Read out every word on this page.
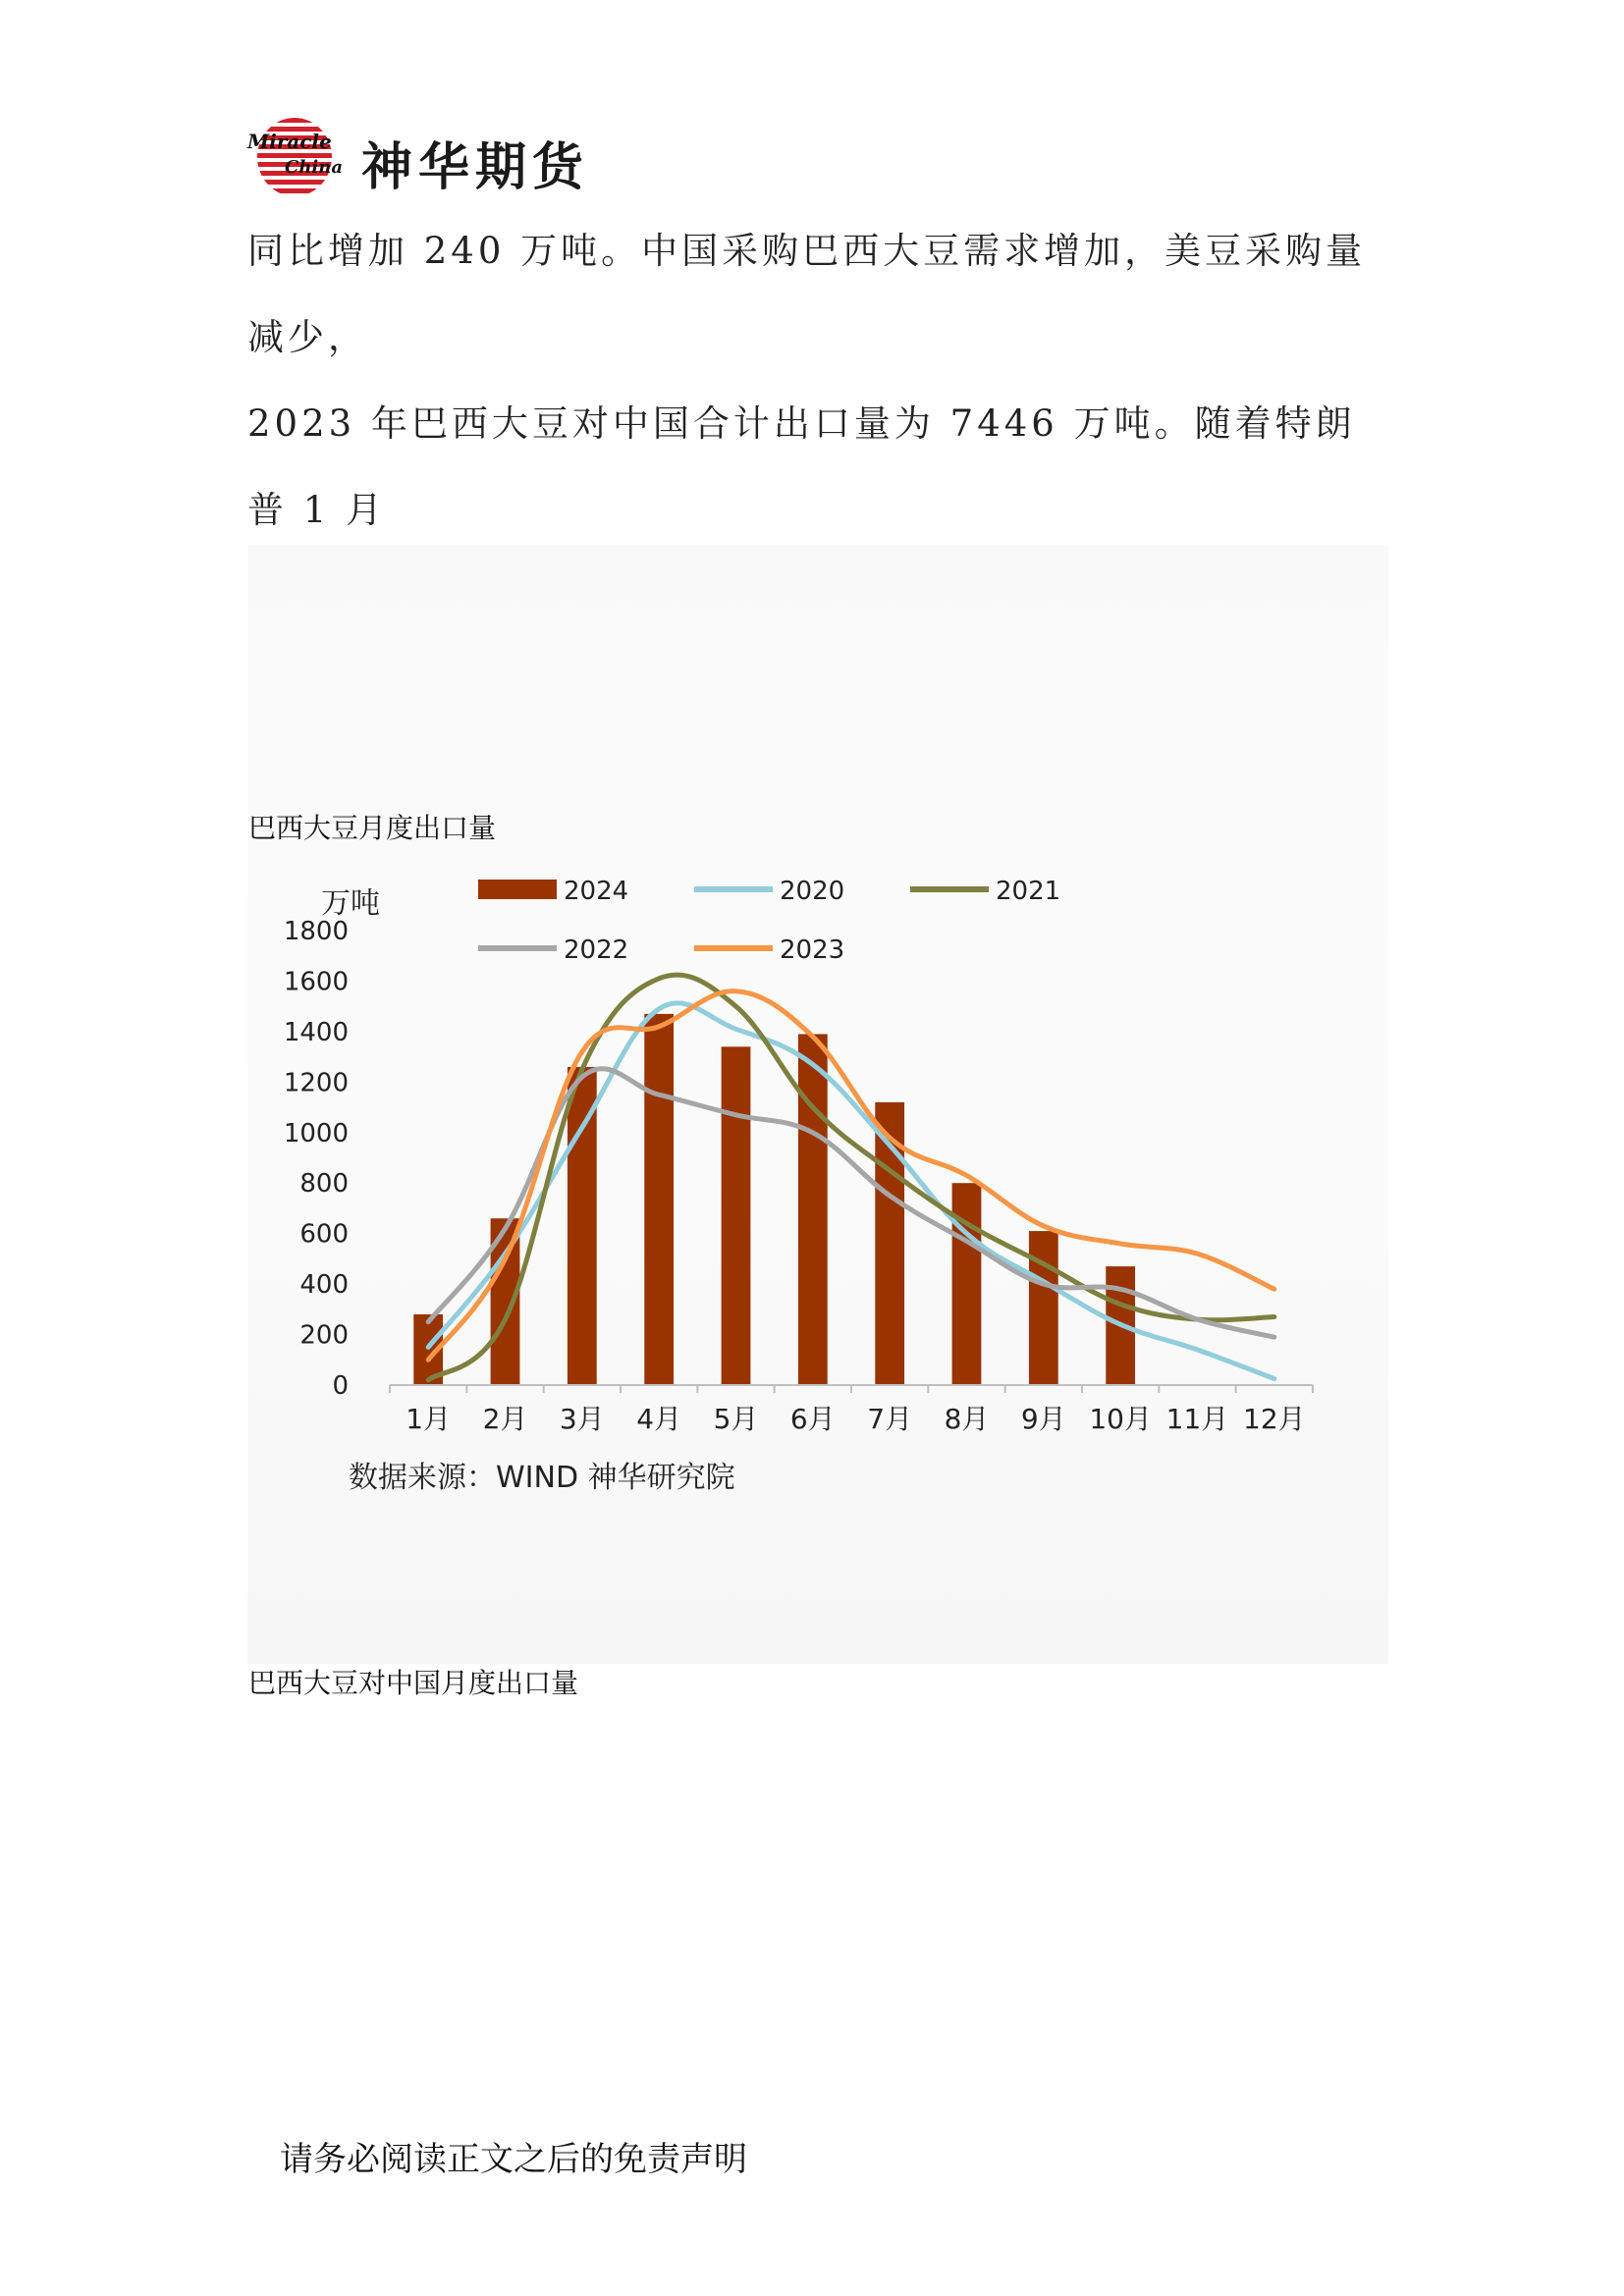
Miracle
China 神华期货

同比增加 240 万吨。中国采购巴西大豆需求增加，美豆采购量减少，

2023 年巴西大豆对中国合计出口量为 7446 万吨。随着特朗普 1 月

巴西大豆月度出口量
2024	2020	2021
2022	2023
万吨
0
200
400
600
800
1000
1200
1400
1600
1800
1月 2月 3月 4月 5月 6月 7月 8月 9月 10月 11月 12月
数据来源：WIND 神华研究院
巴西大豆对中国月度出口量
请务必阅读正文之后的免责声明
